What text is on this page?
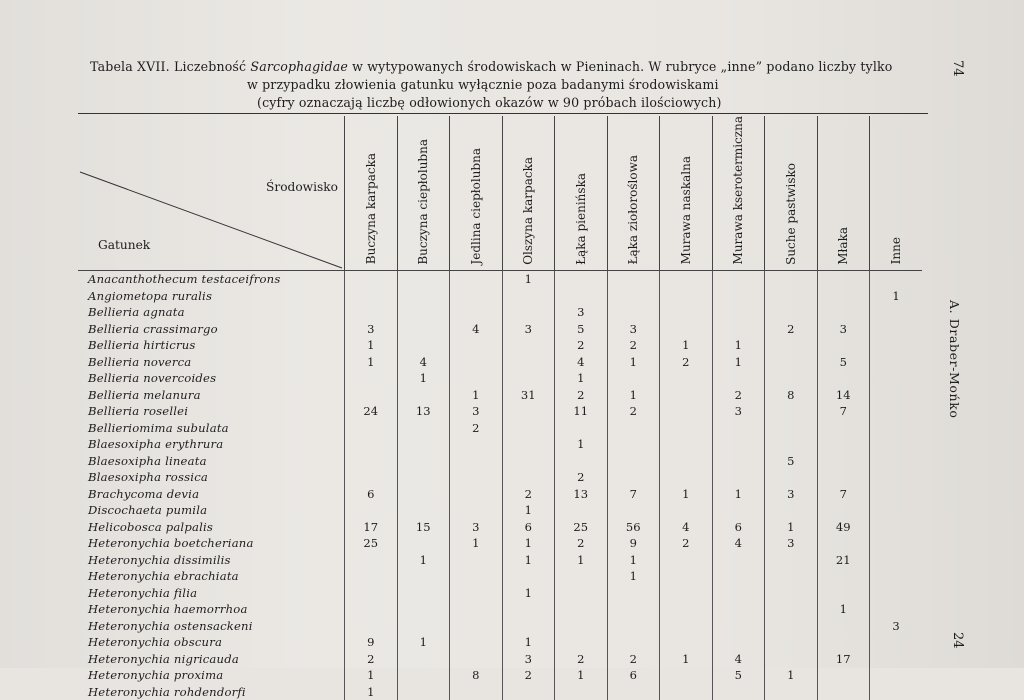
Tabela XVII. Liczebność Sarcophagidae w wytypowanych środowiskach w Pieninach. W rubryce „inne” podano liczby tylko
w przypadku złowienia gatunku wyłącznie poza badanymi środowiskami
(cyfry oznaczają liczbę odłowionych okazów w 90 próbach ilościowych)
Środowisko
Gatunek	Buczyna karpacka	Buczyna ciepłolubna	Jedlina ciepłolubna	Olszyna karpacka	Łąka pienińska	Łąka ziołoroślowa	Murawa naskalna	Murawa kserotermiczna	Suche pastwisko	Młaka	Inne

Anacanthothecum testaceifrons				1							
Angiometopa ruralis											1
Bellieria agnata					3						
Bellieria crassimargo	3		4	3	5	3			2	3	
Bellieria hirticrus	1				2	2	1	1			
Bellieria noverca	1	4			4	1	2	1		5	
Bellieria novercoides		1			1						
Bellieria melanura			1	31	2	1		2	8	14	
Bellieria rosellei	24	13	3		11	2		3		7	
Bellieriomima subulata			2								
Blaesoxipha erythrura					1						
Blaesoxipha lineata									5		
Blaesoxipha rossica					2						
Brachycoma devia	6			2	13	7	1	1	3	7	
Discochaeta pumila				1							
Helicobosca palpalis	17	15	3	6	25	56	4	6	1	49	
Heteronychia boetcheriana	25		1	1	2	9	2	4	3		
Heteronychia dissimilis		1		1	1	1				21	
Heteronychia ebrachiata						1					
Heteronychia filia				1							
Heteronychia haemorrhoa										1	
Heteronychia ostensackeni											3
Heteronychia obscura	9	1		1							
Heteronychia nigricauda	2			3	2	2	1	4		17	
Heteronychia proxima	1		8	2	1	6		5	1		
Heteronychia rohdendorfi	1										
74
A. Draber-Mońko
24
